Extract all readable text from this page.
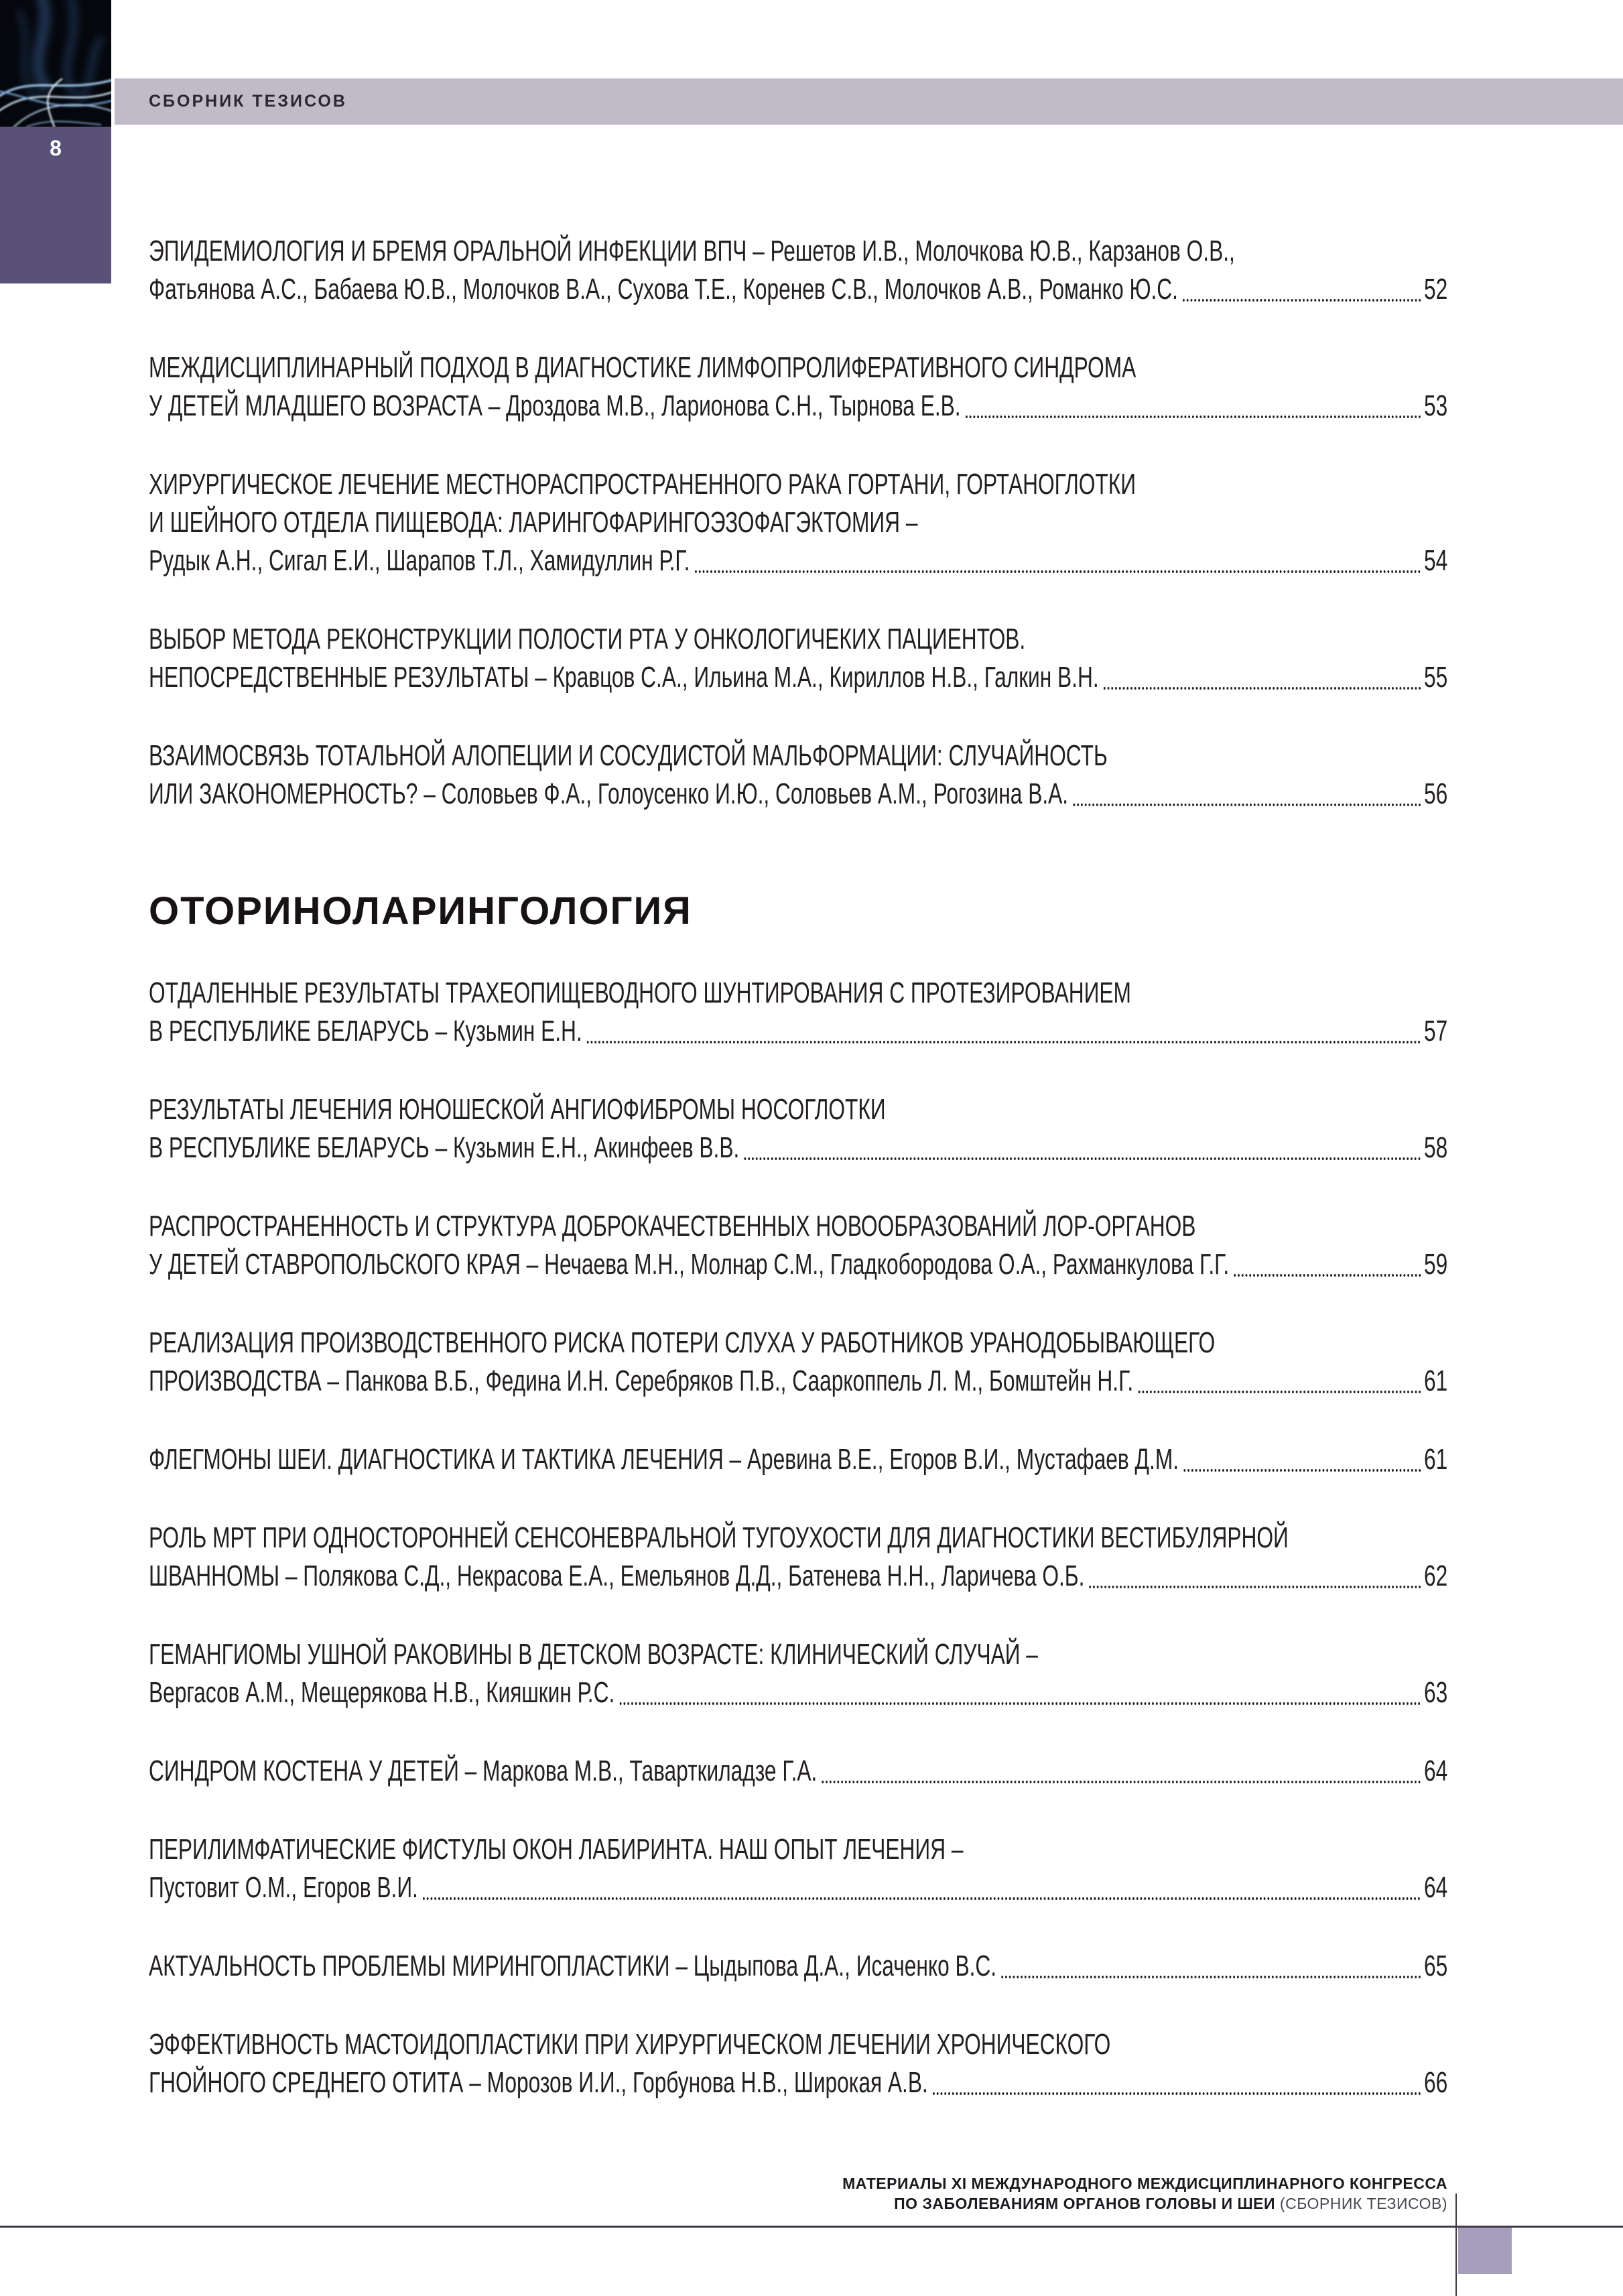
СБОРНИК ТЕЗИСОВ
8
ЭПИДЕМИОЛОГИЯ И БРЕМЯ ОРАЛЬНОЙ ИНФЕКЦИИ ВПЧ – Решетов И.В., Молочкова Ю.В., Карзанов О.В.,
Фатьянова А.С., Бабаева Ю.В., Молочков В.А., Сухова Т.Е., Коренев С.В., Молочков А.В., Романко Ю.С.	52
МЕЖДИСЦИПЛИНАРНЫЙ ПОДХОД В ДИАГНОСТИКЕ ЛИМФОПРОЛИФЕРАТИВНОГО СИНДРОМА
У ДЕТЕЙ МЛАДШЕГО ВОЗРАСТА – Дроздова М.В., Ларионова С.Н., Тырнова Е.В.	53
ХИРУРГИЧЕСКОЕ ЛЕЧЕНИЕ МЕСТНОРАСПРОСТРАНЕННОГО РАКА ГОРТАНИ, ГОРТАНОГЛОТКИ
И ШЕЙНОГО ОТДЕЛА ПИЩЕВОДА: ЛАРИНГОФАРИНГОЭЗОФАГЭКТОМИЯ –
Рудык А.Н., Сигал Е.И., Шарапов Т.Л., Хамидуллин Р.Г.	54
ВЫБОР МЕТОДА РЕКОНСТРУКЦИИ ПОЛОСТИ РТА У ОНКОЛОГИЧЕКИХ ПАЦИЕНТОВ.
НЕПОСРЕДСТВЕННЫЕ РЕЗУЛЬТАТЫ – Кравцов С.А., Ильина М.А., Кириллов Н.В., Галкин В.Н.	55
ВЗАИМОСВЯЗЬ ТОТАЛЬНОЙ АЛОПЕЦИИ И СОСУДИСТОЙ МАЛЬФОРМАЦИИ: СЛУЧАЙНОСТЬ
ИЛИ ЗАКОНОМЕРНОСТЬ? – Соловьев Ф.А., Голоусенко И.Ю., Соловьев А.М., Рогозина В.А.	56
ОТОРИНОЛАРИНГОЛОГИЯ
ОТДАЛЕННЫЕ РЕЗУЛЬТАТЫ ТРАХЕОПИЩЕВОДНОГО ШУНТИРОВАНИЯ С ПРОТЕЗИРОВАНИЕМ
В РЕСПУБЛИКЕ БЕЛАРУСЬ – Кузьмин Е.Н.	57
РЕЗУЛЬТАТЫ ЛЕЧЕНИЯ ЮНОШЕСКОЙ АНГИОФИБРОМЫ НОСОГЛОТКИ
В РЕСПУБЛИКЕ БЕЛАРУСЬ – Кузьмин Е.Н., Акинфеев В.В.	58
РАСПРОСТРАНЕННОСТЬ И СТРУКТУРА ДОБРОКАЧЕСТВЕННЫХ НОВООБРАЗОВАНИЙ ЛОР-ОРГАНОВ
У ДЕТЕЙ СТАВРОПОЛЬСКОГО КРАЯ – Нечаева М.Н., Молнар С.М., Гладкобородова О.А., Рахманкулова Г.Г.	59
РЕАЛИЗАЦИЯ ПРОИЗВОДСТВЕННОГО РИСКА ПОТЕРИ СЛУХА У РАБОТНИКОВ УРАНОДОБЫВАЮЩЕГО
ПРОИЗВОДСТВА – Панкова В.Б., Федина И.Н. Серебряков П.В., Сааркоппель Л. М., Бомштейн Н.Г.	61
ФЛЕГМОНЫ ШЕИ. ДИАГНОСТИКА И ТАКТИКА ЛЕЧЕНИЯ – Аревина В.Е., Егоров В.И., Мустафаев Д.М.	61
РОЛЬ МРТ ПРИ ОДНОСТОРОННЕЙ СЕНСОНЕВРАЛЬНОЙ ТУГОУХОСТИ ДЛЯ ДИАГНОСТИКИ ВЕСТИБУЛЯРНОЙ
ШВАННОМЫ – Полякова С.Д., Некрасова Е.А., Емельянов Д.Д., Батенева Н.Н., Ларичева О.Б.	62
ГЕМАНГИОМЫ УШНОЙ РАКОВИНЫ В ДЕТСКОМ ВОЗРАСТЕ: КЛИНИЧЕСКИЙ СЛУЧАЙ –
Вергасов А.М., Мещерякова Н.В., Кияшкин Р.С.	63
СИНДРОМ КОСТЕНА У ДЕТЕЙ – Маркова М.В., Таварткиладзе Г.А.	64
ПЕРИЛИМФАТИЧЕСКИЕ ФИСТУЛЫ ОКОН ЛАБИРИНТА. НАШ ОПЫТ ЛЕЧЕНИЯ –
Пустовит О.М., Егоров В.И.	64
АКТУАЛЬНОСТЬ ПРОБЛЕМЫ МИРИНГОПЛАСТИКИ – Цыдыпова Д.А., Исаченко В.С.	65
ЭФФЕКТИВНОСТЬ МАСТОИДОПЛАСТИКИ ПРИ ХИРУРГИЧЕСКОМ ЛЕЧЕНИИ ХРОНИЧЕСКОГО
ГНОЙНОГО СРЕДНЕГО ОТИТА – Морозов И.И., Горбунова Н.В., Широкая А.В.	66
МАТЕРИАЛЫ XI МЕЖДУНАРОДНОГО МЕЖДИСЦИПЛИНАРНОГО КОНГРЕССА
ПО ЗАБОЛЕВАНИЯМ ОРГАНОВ ГОЛОВЫ И ШЕИ (СБОРНИК ТЕЗИСОВ)
